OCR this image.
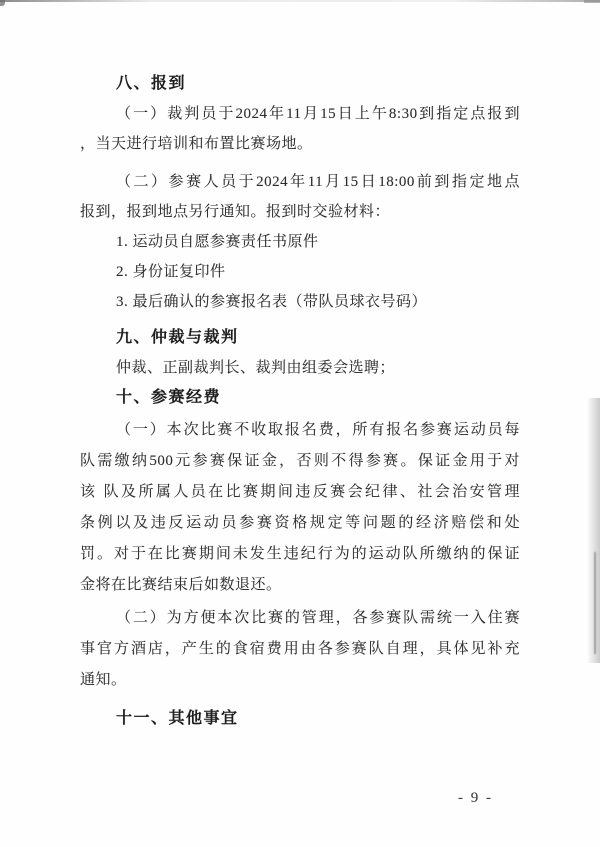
八、报到
（一）裁判员于2024年11月15日上午8:30到指定点报到
，当天进行培训和布置比赛场地。
（二）参赛人员于2024年11月15日18:00前到指定地点
报到，报到地点另行通知。报到时交验材料：
1. 运动员自愿参赛责任书原件
2. 身份证复印件
3. 最后确认的参赛报名表（带队员球衣号码）
九、仲裁与裁判
仲裁、正副裁判长、裁判由组委会选聘；
十、参赛经费
（一）本次比赛不收取报名费，所有报名参赛运动员每
队需缴纳500元参赛保证金，否则不得参赛。保证金用于对
该 队及所属人员在比赛期间违反赛会纪律、社会治安管理
条例以及违反运动员参赛资格规定等问题的经济赔偿和处
罚。对于在比赛期间未发生违纪行为的运动队所缴纳的保证
金将在比赛结束后如数退还。
（二）为方便本次比赛的管理，各参赛队需统一入住赛
事官方酒店，产生的食宿费用由各参赛队自理，具体见补充
通知。
十一、其他事宜
- 9 -
